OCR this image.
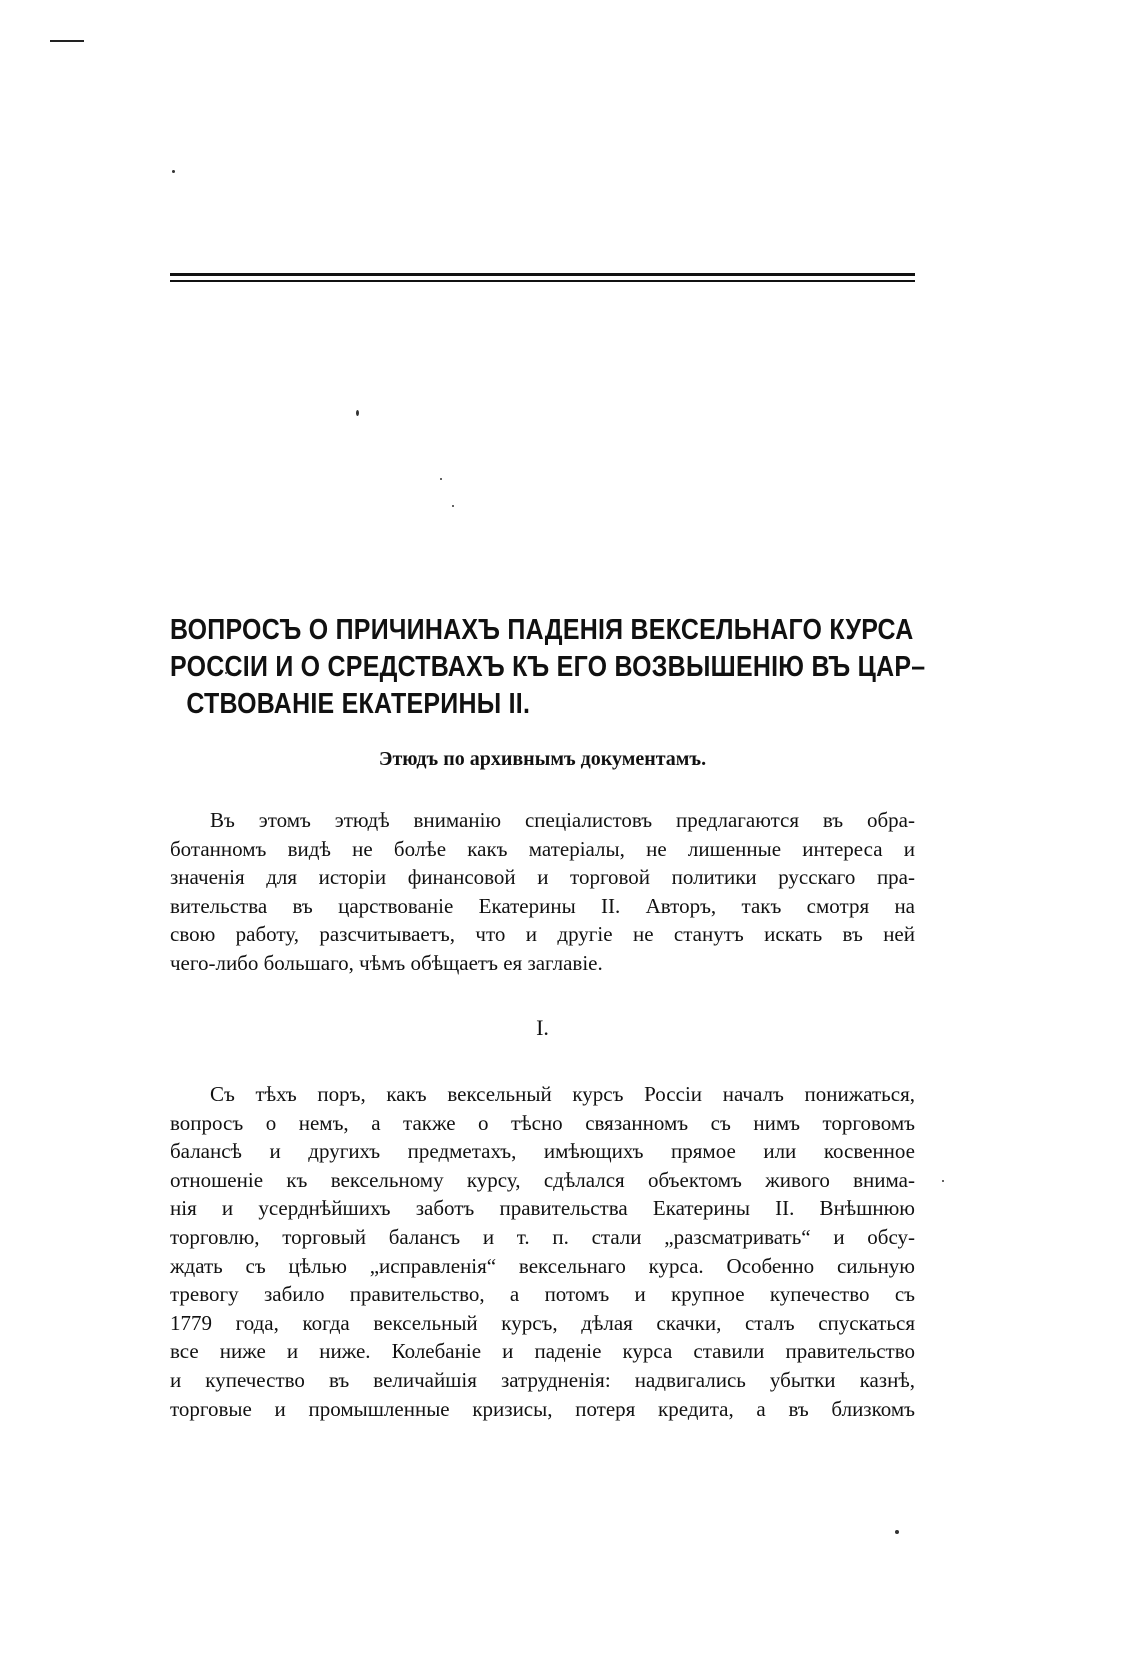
ВОПРОСЪ О ПРИЧИНАХЪ ПАДЕНІЯ ВЕКСЕЛЬНАГО КУРСА
РОССІИ И О СРЕДСТВАХЪ КЪ ЕГО ВОЗВЫШЕНІЮ ВЪ ЦАР–
СТВОВАНІЕ ЕКАТЕРИНЫ II.
Этюдъ по архивнымъ документамъ.
Въ этомъ этюдѣ вниманію спеціалистовъ предлагаются въ обра-
ботанномъ видѣ не болѣе какъ матеріалы, не лишенные интереса и
значенія для исторіи финансовой и торговой политики русскаго пра-
вительства въ царствованіе Екатерины II. Авторъ, такъ смотря на
свою работу, разсчитываетъ, что и другіе не станутъ искать въ ней
чего-либо большаго, чѣмъ обѣщаетъ ея заглавіе.
I.
Съ тѣхъ поръ, какъ вексельный курсъ Россіи началъ понижаться,
вопросъ о немъ, а также о тѣсно связанномъ съ нимъ торговомъ
балансѣ и другихъ предметахъ, имѣющихъ прямое или косвенное
отношеніе къ вексельному курсу, сдѣлался объектомъ живого внима-
нія и усерднѣйшихъ заботъ правительства Екатерины II. Внѣшнюю
торговлю, торговый балансъ и т. п. стали „разсматривать“ и обсу-
ждать съ цѣлью „исправленія“ вексельнаго курса. Особенно сильную
тревогу забило правительство, а потомъ и крупное купечество съ
1779 года, когда вексельный курсъ, дѣлая скачки, сталъ спускаться
все ниже и ниже. Колебаніе и паденіе курса ставили правительство
и купечество въ величайшія затрудненія: надвигались убытки казнѣ,
торговые и промышленные кризисы, потеря кредита, а въ близкомъ
